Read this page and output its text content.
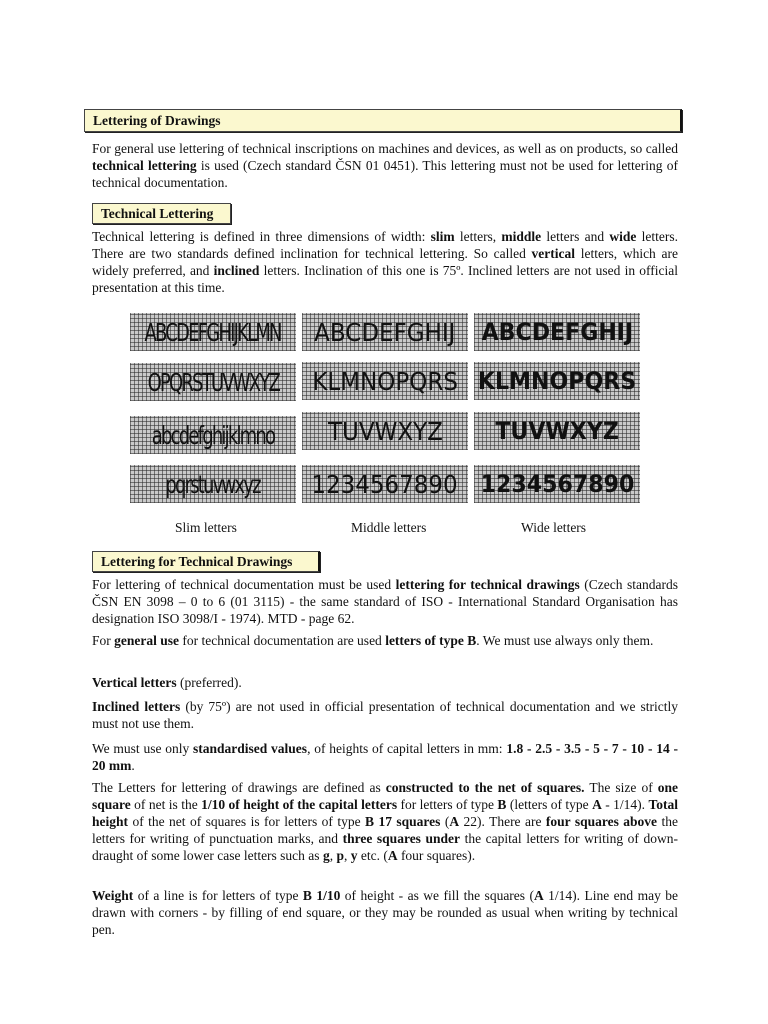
Lettering of Drawings

For general use lettering of technical inscriptions on machines and devices, as well as on products, so called technical lettering is used (Czech standard ČSN 01 0451). This lettering must not be used for lettering of technical documentation.

Technical Lettering

Technical lettering is defined in three dimensions of width: slim letters, middle letters and wide letters. There are two standards defined inclination for technical lettering. So called vertical letters, which are widely preferred, and inclined letters. Inclination of this one is 75º. Inclined letters are not used in official presentation at this time.

ABCDEFGHIJKLMN
OPQRSTUVWXYZ
abcdefghijklmno
pqrstuvwxyz
ABCDEFGHIJ
KLMNOPQRS
TUVWXYZ
1234567890
ABCDEFGHIJ
KLMNOPQRS
TUVWXYZ
1234567890
Slim letters	Middle letters	Wide letters
Lettering for Technical Drawings

For lettering of technical documentation must be used lettering for technical drawings (Czech standards ČSN EN 3098 – 0 to 6 (01 3115) - the same standard of ISO - International Standard Organisation has designation ISO 3098/I - 1974). MTD - page 62.

For general use for technical documentation are used letters of type B. We must use always only them.

Vertical letters (preferred).

Inclined letters (by 75º) are not used in official presentation of technical documentation and we strictly must not use them.

We must use only standardised values, of heights of capital letters in mm: 1.8 - 2.5 - 3.5 - 5 - 7 - 10 - 14 - 20 mm.

The Letters for lettering of drawings are defined as constructed to the net of squares. The size of one square of net is the 1/10 of height of the capital letters for letters of type B (letters of type A - 1/14). Total height of the net of squares is for letters of type B 17 squares (A 22). There are four squares above the letters for writing of punctuation marks, and three squares under the capital letters for writing of down-draught of some lower case letters such as g, p, y etc. (A four squares).

Weight of a line is for letters of type B 1/10 of height - as we fill the squares (A 1/14). Line end may be drawn with corners - by filling of end square, or they may be rounded as usual when writing by technical pen.
